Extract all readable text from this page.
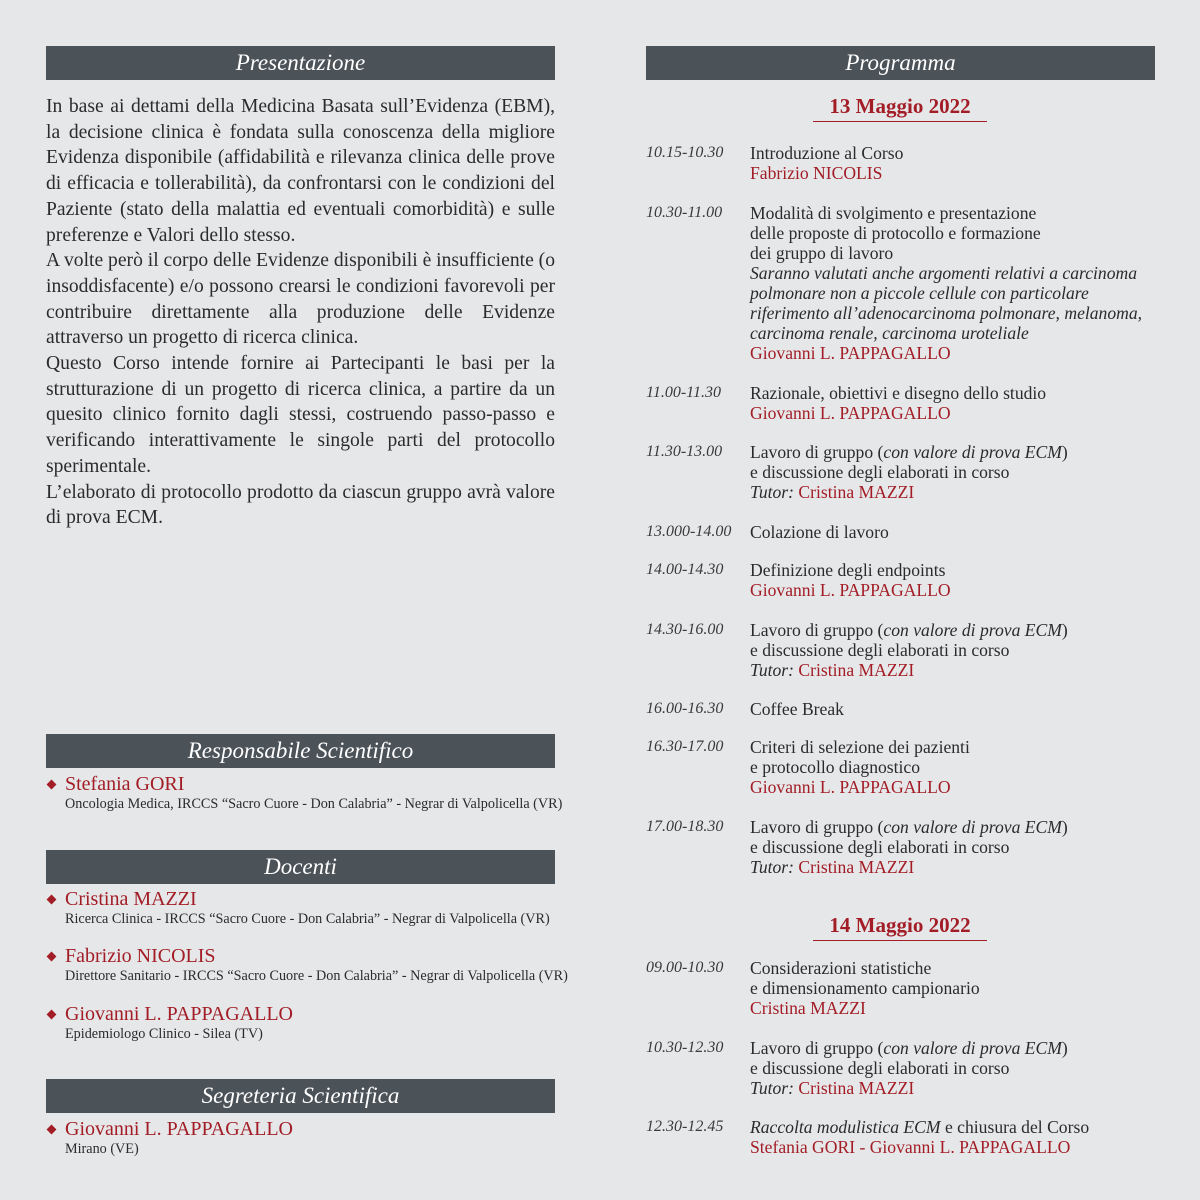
Presentazione

In base ai dettami della Medicina Basata sull’Evidenza (EBM), la decisione clinica è fondata sulla conoscenza della migliore Evidenza disponibile (affidabilità e rilevanza clinica delle prove di efficacia e tollerabilità), da confrontarsi con le condizioni del Paziente (stato della malattia ed eventuali comorbidità) e sulle preferenze e Valori dello stesso.

A volte però il corpo delle Evidenze disponibili è insufficiente (o insoddisfacente) e/o possono crearsi le condizioni favorevoli per contribuire direttamente alla produzione delle Evidenze attraverso un progetto di ricerca clinica.

Questo Corso intende fornire ai Partecipanti le basi per la strutturazione di un progetto di ricerca clinica, a partire da un quesito clinico fornito dagli stessi, costruendo passo-passo e verificando interattivamente le singole parti del protocollo sperimentale.

L’elaborato di protocollo prodotto da ciascun gruppo avrà valore di prova ECM.

Responsabile Scientifico
Stefania GORI
Oncologia Medica, IRCCS “Sacro Cuore - Don Calabria” - Negrar di Valpolicella (VR)
Docenti
Cristina MAZZI
Ricerca Clinica - IRCCS “Sacro Cuore - Don Calabria” - Negrar di Valpolicella (VR)
Fabrizio NICOLIS
Direttore Sanitario - IRCCS “Sacro Cuore - Don Calabria” - Negrar di Valpolicella (VR)
Giovanni L. PAPPAGALLO
Epidemiologo Clinico - Silea (TV)
Segreteria Scientifica
Giovanni L. PAPPAGALLO
Mirano (VE)
Programma
13 Maggio 2022
10.15-10.30 Introduzione al Corso
Fabrizio NICOLIS
10.30-11.00 Modalità di svolgimento e presentazione
delle proposte di protocollo e formazione
dei gruppo di lavoro
Saranno valutati anche argomenti relativi a carcinoma
polmonare non a piccole cellule con particolare
riferimento all’adenocarcinoma polmonare, melanoma,
carcinoma renale, carcinoma uroteliale
Giovanni L. PAPPAGALLO
11.00-11.30 Razionale, obiettivi e disegno dello studio
Giovanni L. PAPPAGALLO
11.30-13.00 Lavoro di gruppo (con valore di prova ECM)
e discussione degli elaborati in corso
Tutor: Cristina MAZZI
13.000-14.00 Colazione di lavoro
14.00-14.30 Definizione degli endpoints
Giovanni L. PAPPAGALLO
14.30-16.00 Lavoro di gruppo (con valore di prova ECM)
e discussione degli elaborati in corso
Tutor: Cristina MAZZI
16.00-16.30 Coffee Break
16.30-17.00 Criteri di selezione dei pazienti
e protocollo diagnostico
Giovanni L. PAPPAGALLO
17.00-18.30 Lavoro di gruppo (con valore di prova ECM)
e discussione degli elaborati in corso
Tutor: Cristina MAZZI
14 Maggio 2022
09.00-10.30 Considerazioni statistiche
e dimensionamento campionario
Cristina MAZZI
10.30-12.30 Lavoro di gruppo (con valore di prova ECM)
e discussione degli elaborati in corso
Tutor: Cristina MAZZI
12.30-12.45 Raccolta modulistica ECM e chiusura del Corso
Stefania GORI - Giovanni L. PAPPAGALLO
